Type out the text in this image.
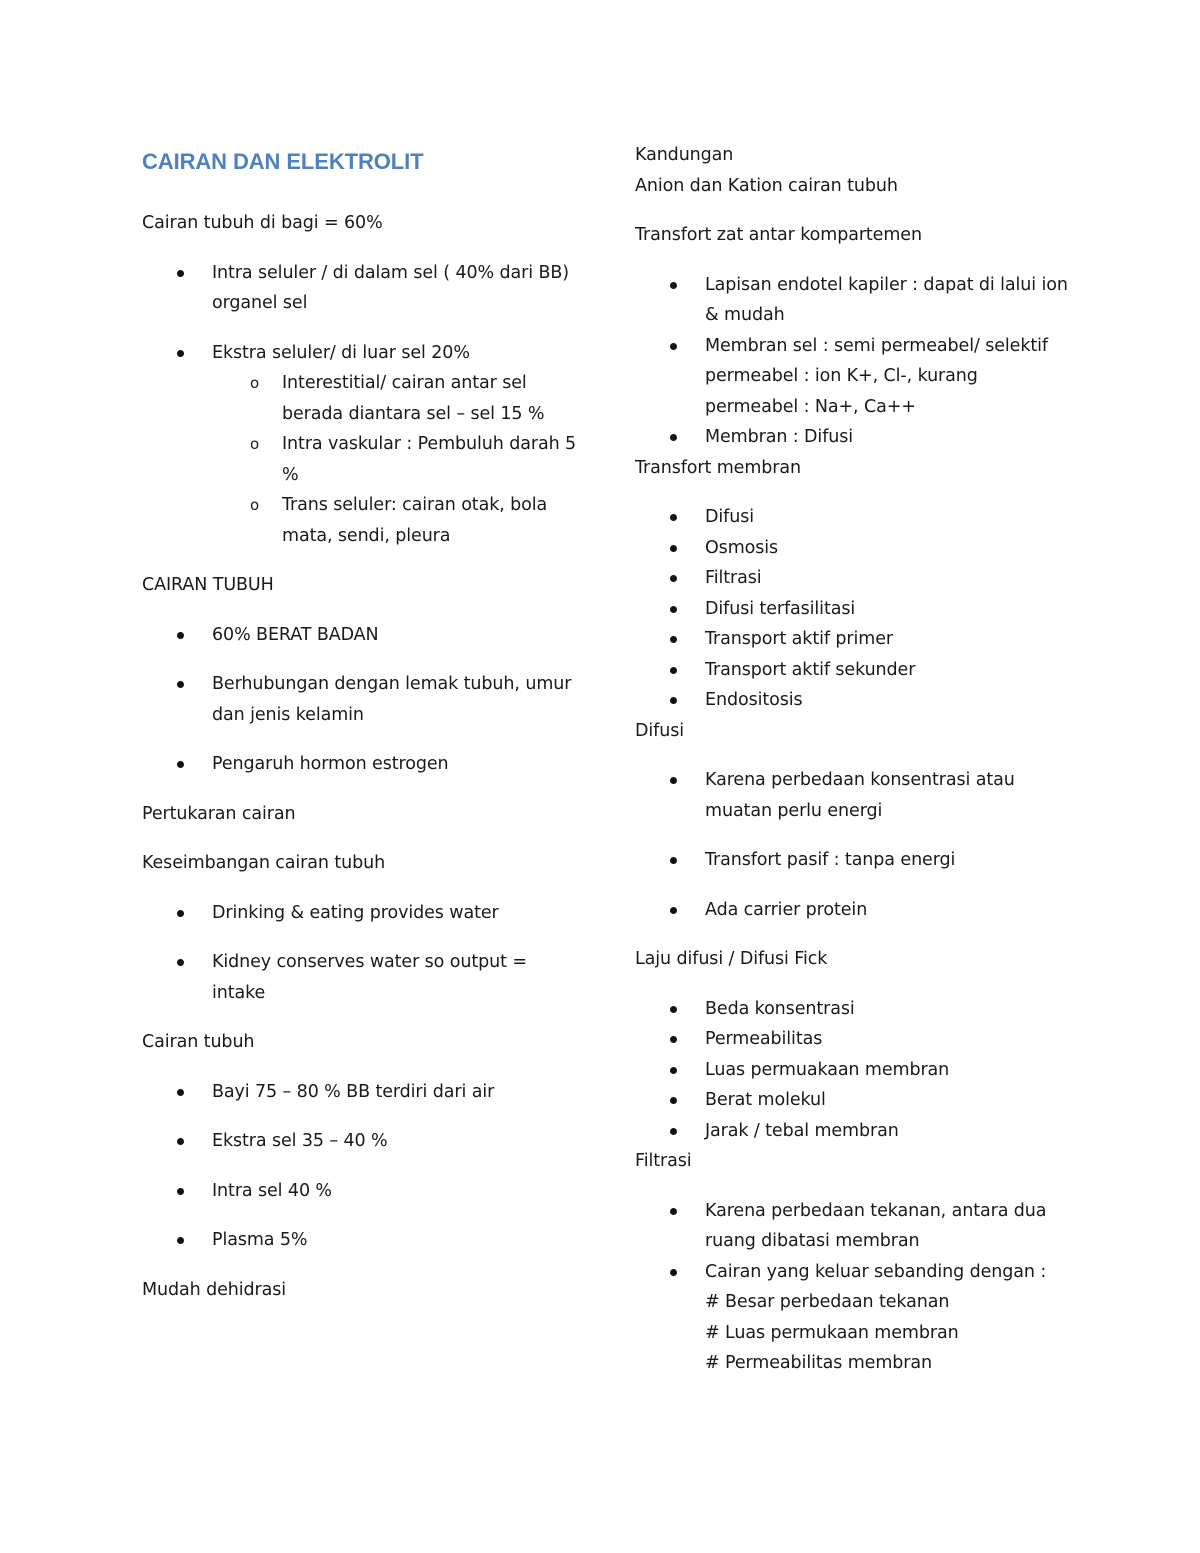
CAIRAN DAN ELEKTROLIT

Cairan tubuh di bagi = 60%

Intra seluler / di dalam sel ( 40% dari BB) organel sel
Ekstra seluler/ di luar sel 20%
o Interestitial/ cairan antar sel berada diantara sel – sel 15 %
o Intra vaskular : Pembuluh darah 5 %
o Trans seluler: cairan otak, bola mata, sendi, pleura

CAIRAN TUBUH

60% BERAT BADAN
Berhubungan dengan lemak tubuh, umur dan jenis kelamin
Pengaruh hormon estrogen

Pertukaran cairan

Keseimbangan cairan tubuh

Drinking & eating provides water
Kidney conserves water so output = intake

Cairan tubuh

Bayi 75 – 80 % BB terdiri dari air
Ekstra sel 35 – 40 %
Intra sel 40 %
Plasma 5%

Mudah dehidrasi

Kandungan

Anion dan Kation cairan tubuh

Transfort zat antar kompartemen

Lapisan endotel kapiler : dapat di lalui ion & mudah
Membran sel : semi permeabel/ selektif permeabel : ion K+, Cl-, kurang permeabel : Na+, Ca++
Membran : Difusi

Transfort membran

Difusi
Osmosis
Filtrasi
Difusi terfasilitasi
Transport aktif primer
Transport aktif sekunder
Endositosis

Difusi

Karena perbedaan konsentrasi atau muatan perlu energi
Transfort pasif : tanpa energi
Ada carrier protein

Laju difusi / Difusi Fick

Beda konsentrasi
Permeabilitas
Luas permuakaan membran
Berat molekul
Jarak / tebal membran

Filtrasi

Karena perbedaan tekanan, antara dua ruang dibatasi membran
Cairan yang keluar sebanding dengan :
# Besar perbedaan tekanan
# Luas permukaan membran
# Permeabilitas membran
